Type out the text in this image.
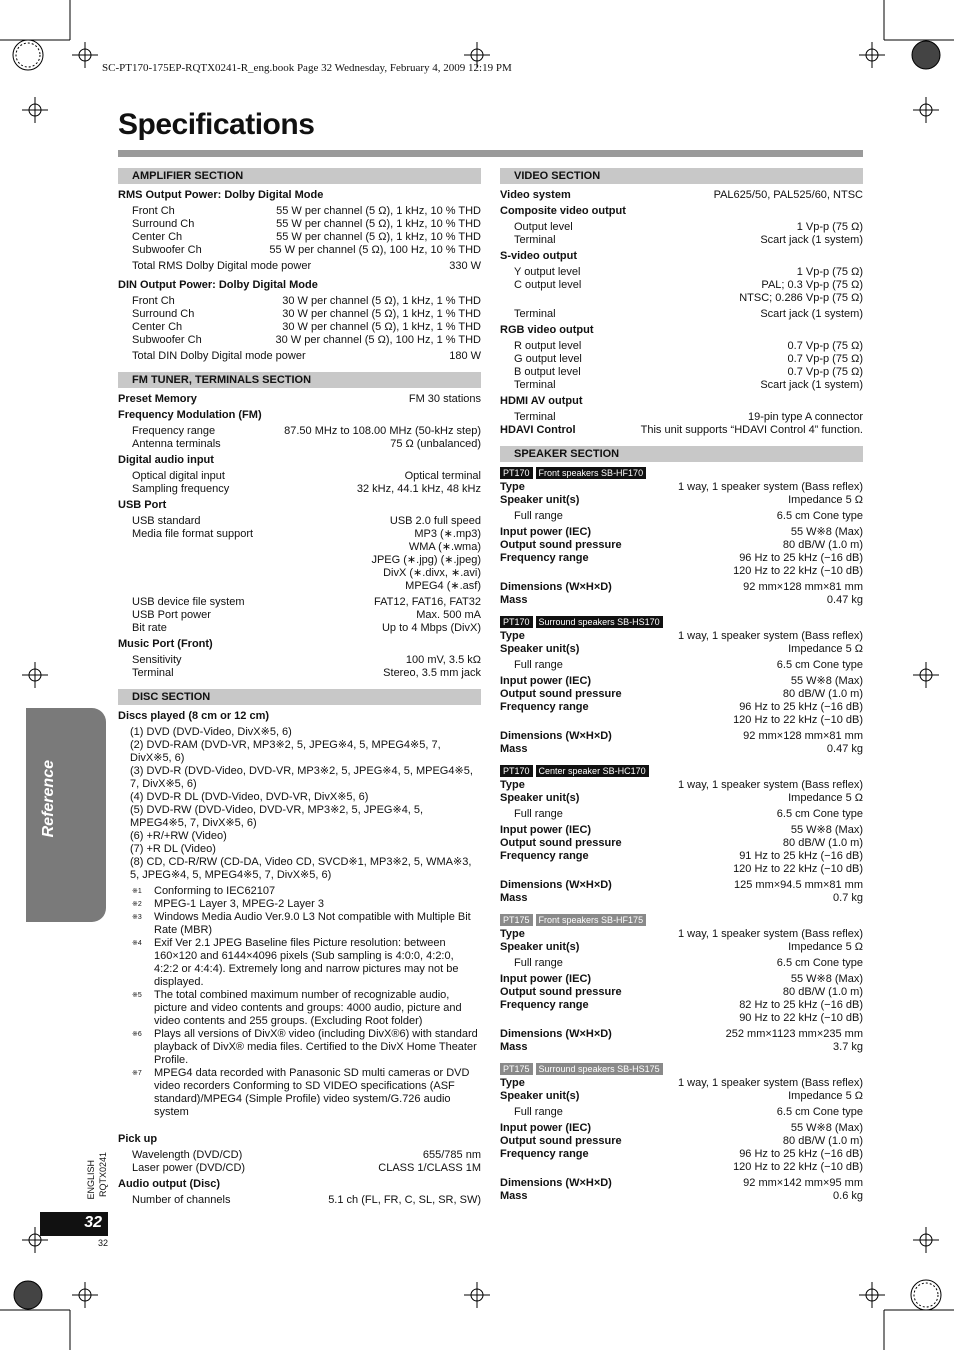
SC-PT170-175EP-RQTX0241-R_eng.book Page 32 Wednesday, February 4, 2009 12:19 PM
Specifications
Reference
ENGLISH RQTX0241
32
32
AMPLIFIER SECTION
RMS Output Power: Dolby Digital Mode
Front Ch	55 W per channel (5 Ω), 1 kHz, 10 % THD
Surround Ch	55 W per channel (5 Ω), 1 kHz, 10 % THD
Center Ch	55 W per channel (5 Ω), 1 kHz, 10 % THD
Subwoofer Ch	55 W per channel (5 Ω), 100 Hz, 10 % THD
Total RMS Dolby Digital mode power	330 W
DIN Output Power: Dolby Digital Mode
Front Ch	30 W per channel (5 Ω), 1 kHz, 1 % THD
Surround Ch	30 W per channel (5 Ω), 1 kHz, 1 % THD
Center Ch	30 W per channel (5 Ω), 1 kHz, 1 % THD
Subwoofer Ch	30 W per channel (5 Ω), 100 Hz, 1 % THD
Total DIN Dolby Digital mode power	180 W
FM TUNER, TERMINALS SECTION
Preset Memory	FM 30 stations
Frequency Modulation (FM)
Frequency range	87.50 MHz to 108.00 MHz (50-kHz step)
Antenna terminals	75 Ω (unbalanced)
Digital audio input
Optical digital input	Optical terminal
Sampling frequency	32 kHz, 44.1 kHz, 48 kHz
USB Port
USB standard	USB 2.0 full speed
Media file format support	MP3 (∗.mp3)
WMA (∗.wma)
JPEG (∗.jpg) (∗.jpeg)
DivX (∗.divx, ∗.avi)
MPEG4 (∗.asf)
USB device file system	FAT12, FAT16, FAT32
USB Port power	Max. 500 mA
Bit rate	Up to 4 Mbps (DivX)
Music Port (Front)
Sensitivity	100 mV, 3.5 kΩ
Terminal	Stereo, 3.5 mm jack
DISC SECTION
Discs played (8 cm or 12 cm)
(1) DVD (DVD-Video, DivX※5, 6)
(2) DVD-RAM (DVD-VR, MP3※2, 5, JPEG※4, 5, MPEG4※5, 7, DivX※5, 6)
(3) DVD-R (DVD-Video, DVD-VR, MP3※2, 5, JPEG※4, 5, MPEG4※5, 7, DivX※5, 6)
(4) DVD-R DL (DVD-Video, DVD-VR, DivX※5, 6)
(5) DVD-RW (DVD-Video, DVD-VR, MP3※2, 5, JPEG※4, 5, MPEG4※5, 7, DivX※5, 6)
(6) +R/+RW (Video)
(7) +R DL (Video)
(8) CD, CD-R/RW (CD-DA, Video CD, SVCD※1, MP3※2, 5, WMA※3, 5, JPEG※4, 5, MPEG4※5, 7, DivX※5, 6)
※1	Conforming to IEC62107
※2	MPEG-1 Layer 3, MPEG-2 Layer 3
※3	Windows Media Audio Ver.9.0 L3 Not compatible with Multiple Bit Rate (MBR)
※4	Exif Ver 2.1 JPEG Baseline files Picture resolution: between 160×120 and 6144×4096 pixels (Sub sampling is 4:0:0, 4:2:0, 4:2:2 or 4:4:4). Extremely long and narrow pictures may not be displayed.
※5	The total combined maximum number of recognizable audio, picture and video contents and groups: 4000 audio, picture and video contents and 255 groups. (Excluding Root folder)
※6	Plays all versions of DivX® video (including DivX®6) with standard playback of DivX® media files. Certified to the DivX Home Theater Profile.
※7	MPEG4 data recorded with Panasonic SD multi cameras or DVD video recorders Conforming to SD VIDEO specifications (ASF standard)/MPEG4 (Simple Profile) video system/G.726 audio system
Pick up
Wavelength (DVD/CD)	655/785 nm
Laser power (DVD/CD)	CLASS 1/CLASS 1M
Audio output (Disc)
Number of channels	5.1 ch (FL, FR, C, SL, SR, SW)
VIDEO SECTION
Video system	PAL625/50, PAL525/60, NTSC
Composite video output
Output level	1 Vp-p (75 Ω)
Terminal	Scart jack (1 system)
S-video output
Y output level	1 Vp-p (75 Ω)
C output level	PAL; 0.3 Vp-p (75 Ω)
NTSC; 0.286 Vp-p (75 Ω)
Terminal	Scart jack (1 system)
RGB video output
R output level	0.7 Vp-p (75 Ω)
G output level	0.7 Vp-p (75 Ω)
B output level	0.7 Vp-p (75 Ω)
Terminal	Scart jack (1 system)
HDMI AV output
Terminal	19-pin type A connector
HDAVI Control	This unit supports “HDAVI Control 4” function.
SPEAKER SECTION
PT170	Front speakers SB-HF170
Type	1 way, 1 speaker system (Bass reflex)
Speaker unit(s)	Impedance 5 Ω
Full range	6.5 cm Cone type
Input power (IEC)	55 W※8 (Max)
Output sound pressure	80 dB/W (1.0 m)
Frequency range	96 Hz to 25 kHz (−16 dB)
120 Hz to 22 kHz (−10 dB)
Dimensions (W×H×D)	92 mm×128 mm×81 mm
Mass	0.47 kg
PT170	Surround speakers SB-HS170
Type	1 way, 1 speaker system (Bass reflex)
Speaker unit(s)	Impedance 5 Ω
Full range	6.5 cm Cone type
Input power (IEC)	55 W※8 (Max)
Output sound pressure	80 dB/W (1.0 m)
Frequency range	96 Hz to 25 kHz (−16 dB)
120 Hz to 22 kHz (−10 dB)
Dimensions (W×H×D)	92 mm×128 mm×81 mm
Mass	0.47 kg
PT170	Center speaker SB-HC170
Type	1 way, 1 speaker system (Bass reflex)
Speaker unit(s)	Impedance 5 Ω
Full range	6.5 cm Cone type
Input power (IEC)	55 W※8 (Max)
Output sound pressure	80 dB/W (1.0 m)
Frequency range	91 Hz to 25 kHz (−16 dB)
120 Hz to 22 kHz (−10 dB)
Dimensions (W×H×D)	125 mm×94.5 mm×81 mm
Mass	0.7 kg
PT175	Front speakers SB-HF175
Type	1 way, 1 speaker system (Bass reflex)
Speaker unit(s)	Impedance 5 Ω
Full range	6.5 cm Cone type
Input power (IEC)	55 W※8 (Max)
Output sound pressure	80 dB/W (1.0 m)
Frequency range	82 Hz to 25 kHz (−16 dB)
90 Hz to 22 kHz (−10 dB)
Dimensions (W×H×D)	252 mm×1123 mm×235 mm
Mass	3.7 kg
PT175	Surround speakers SB-HS175
Type	1 way, 1 speaker system (Bass reflex)
Speaker unit(s)	Impedance 5 Ω
Full range	6.5 cm Cone type
Input power (IEC)	55 W※8 (Max)
Output sound pressure	80 dB/W (1.0 m)
Frequency range	96 Hz to 25 kHz (−16 dB)
120 Hz to 22 kHz (−10 dB)
Dimensions (W×H×D)	92 mm×142 mm×95 mm
Mass	0.6 kg
